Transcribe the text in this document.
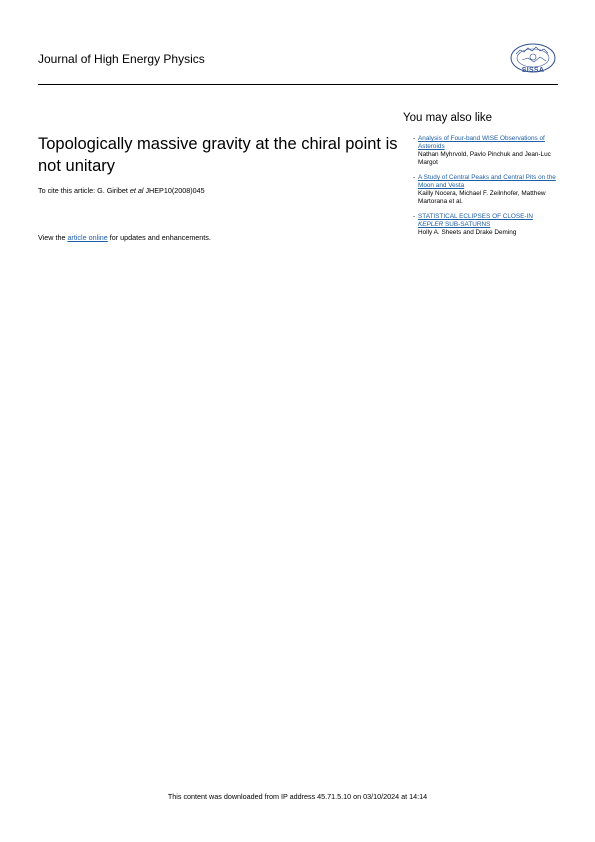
Journal of High Energy Physics
SISSA
Topologically massive gravity at the chiral point is not unitary

To cite this article: G. Giribet et al JHEP10(2008)045

View the article online for updates and enhancements.

You may also like
- Analysis of Four-band WISE Observations of Asteroids
Nathan Myhrvold, Pavlo Pinchuk and Jean-Luc Margot
- A Study of Central Peaks and Central Pits on the Moon and Vesta
Kailly Nocera, Michael F. Zeilnhofer, Matthew Martorana et al.
- STATISTICAL ECLIPSES OF CLOSE-IN KEPLER SUB-SATURNS
Holly A. Sheets and Drake Deming

This content was downloaded from IP address 45.71.5.10 on 03/10/2024 at 14:14
